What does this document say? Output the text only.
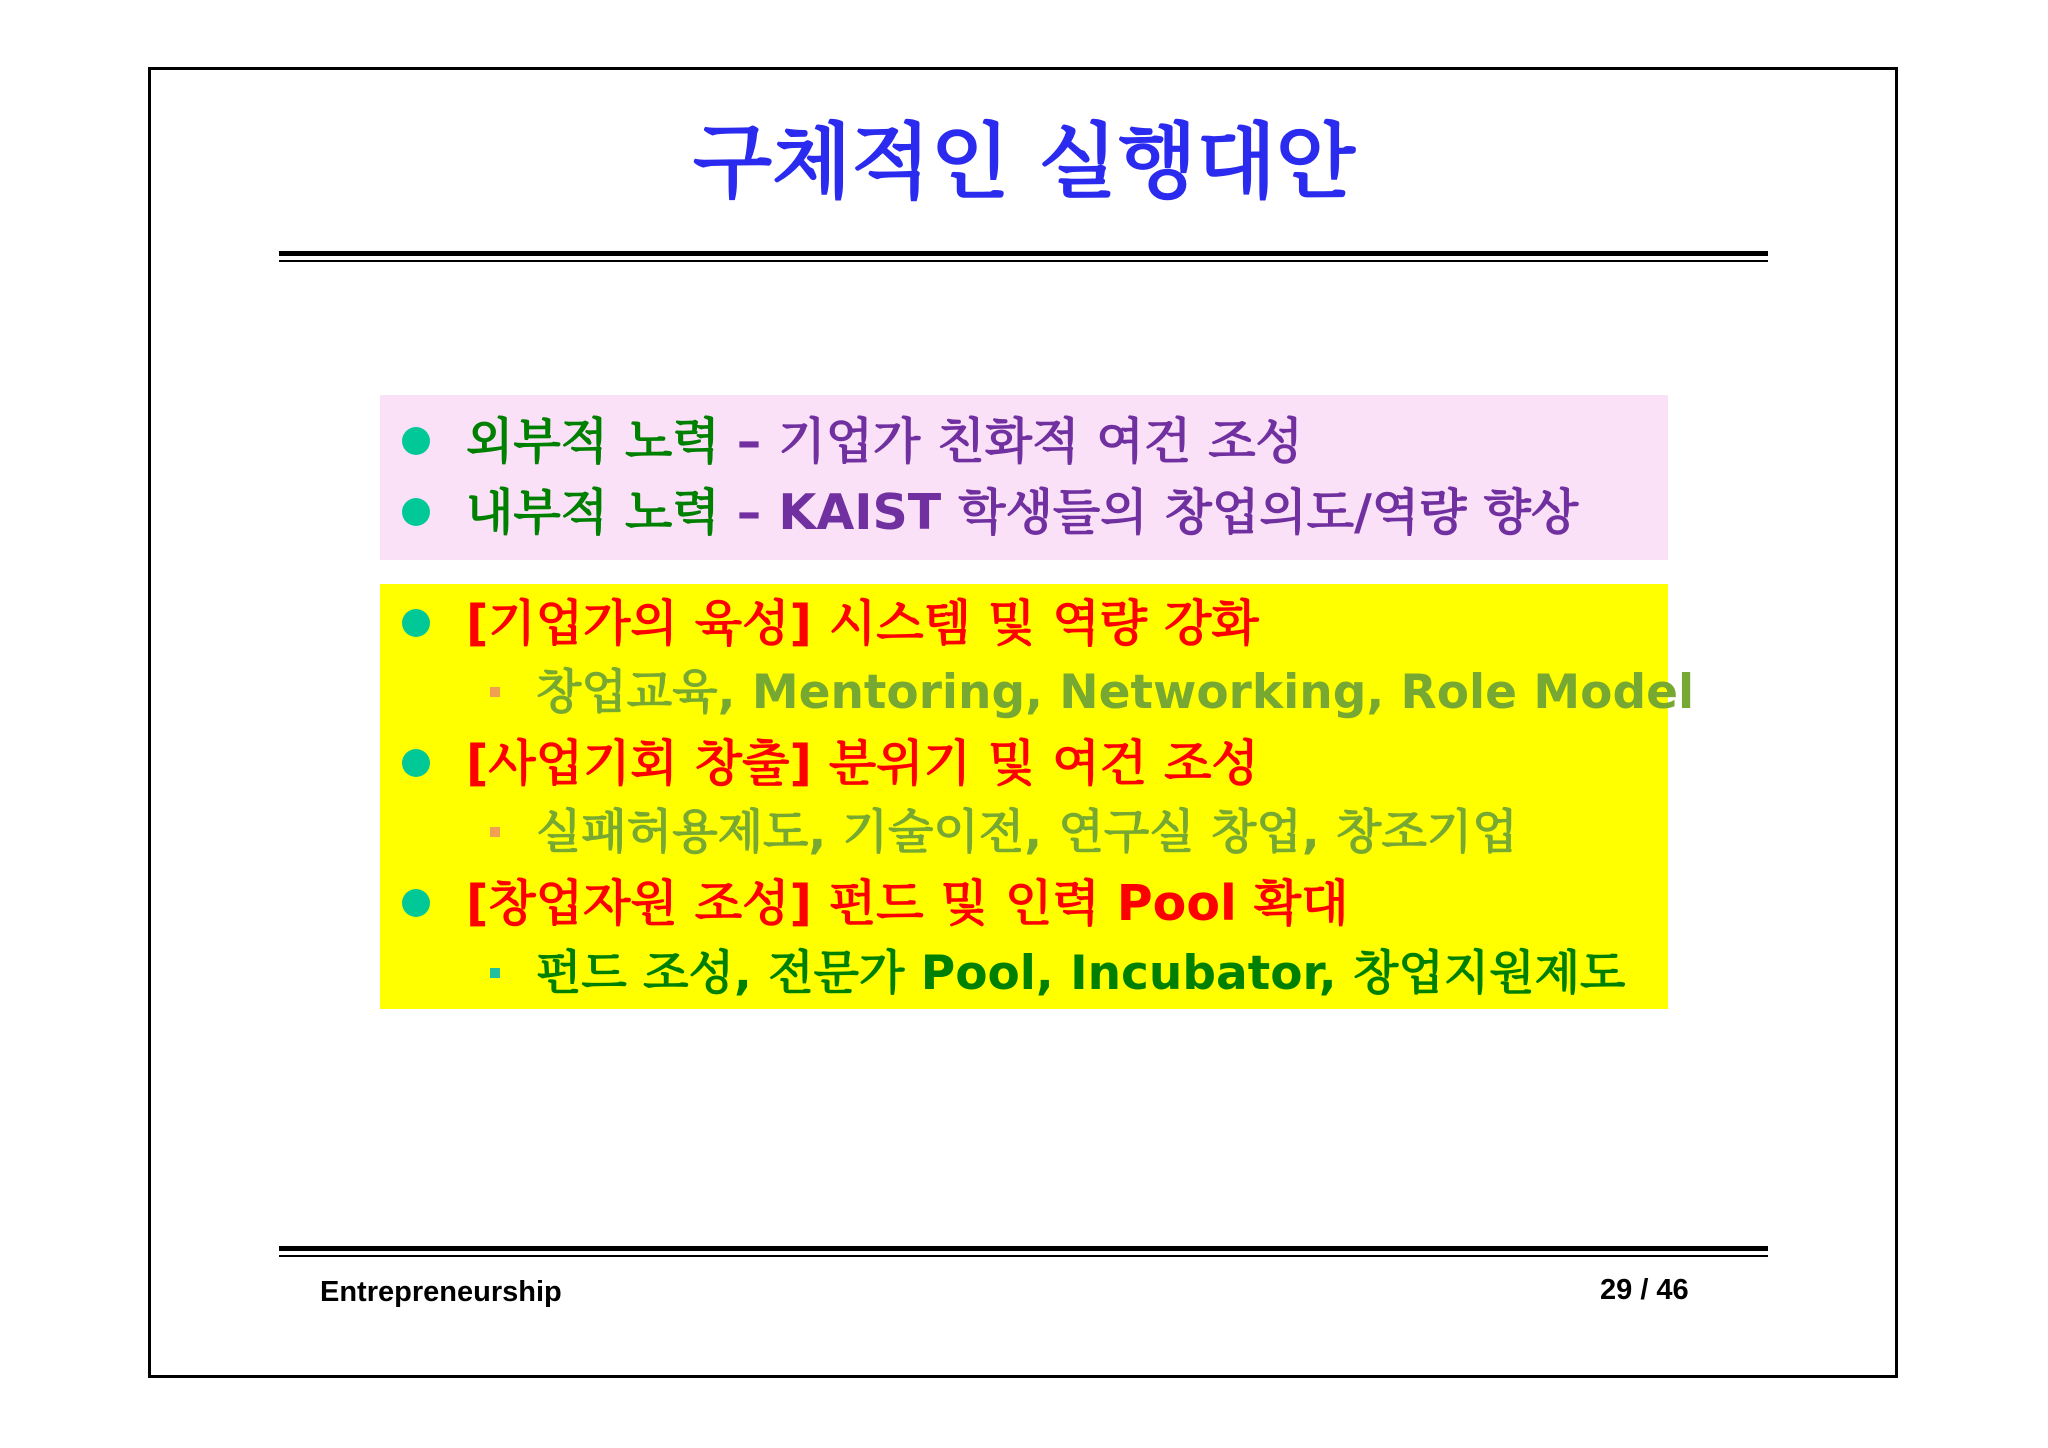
구체적인 실행대안
외부적 노력 – 기업가 친화적 여건 조성
내부적 노력 – KAIST 학생들의 창업의도/역량 향상
[기업가의 육성] 시스템 및 역량 강화
창업교육, Mentoring, Networking, Role Model
[사업기회 창출] 분위기 및 여건 조성
실패허용제도, 기술이전, 연구실 창업, 창조기업
[창업자원 조성] 펀드 및 인력 Pool 확대
펀드 조성, 전문가 Pool, Incubator, 창업지원제도
Entrepreneurship	29 / 46
